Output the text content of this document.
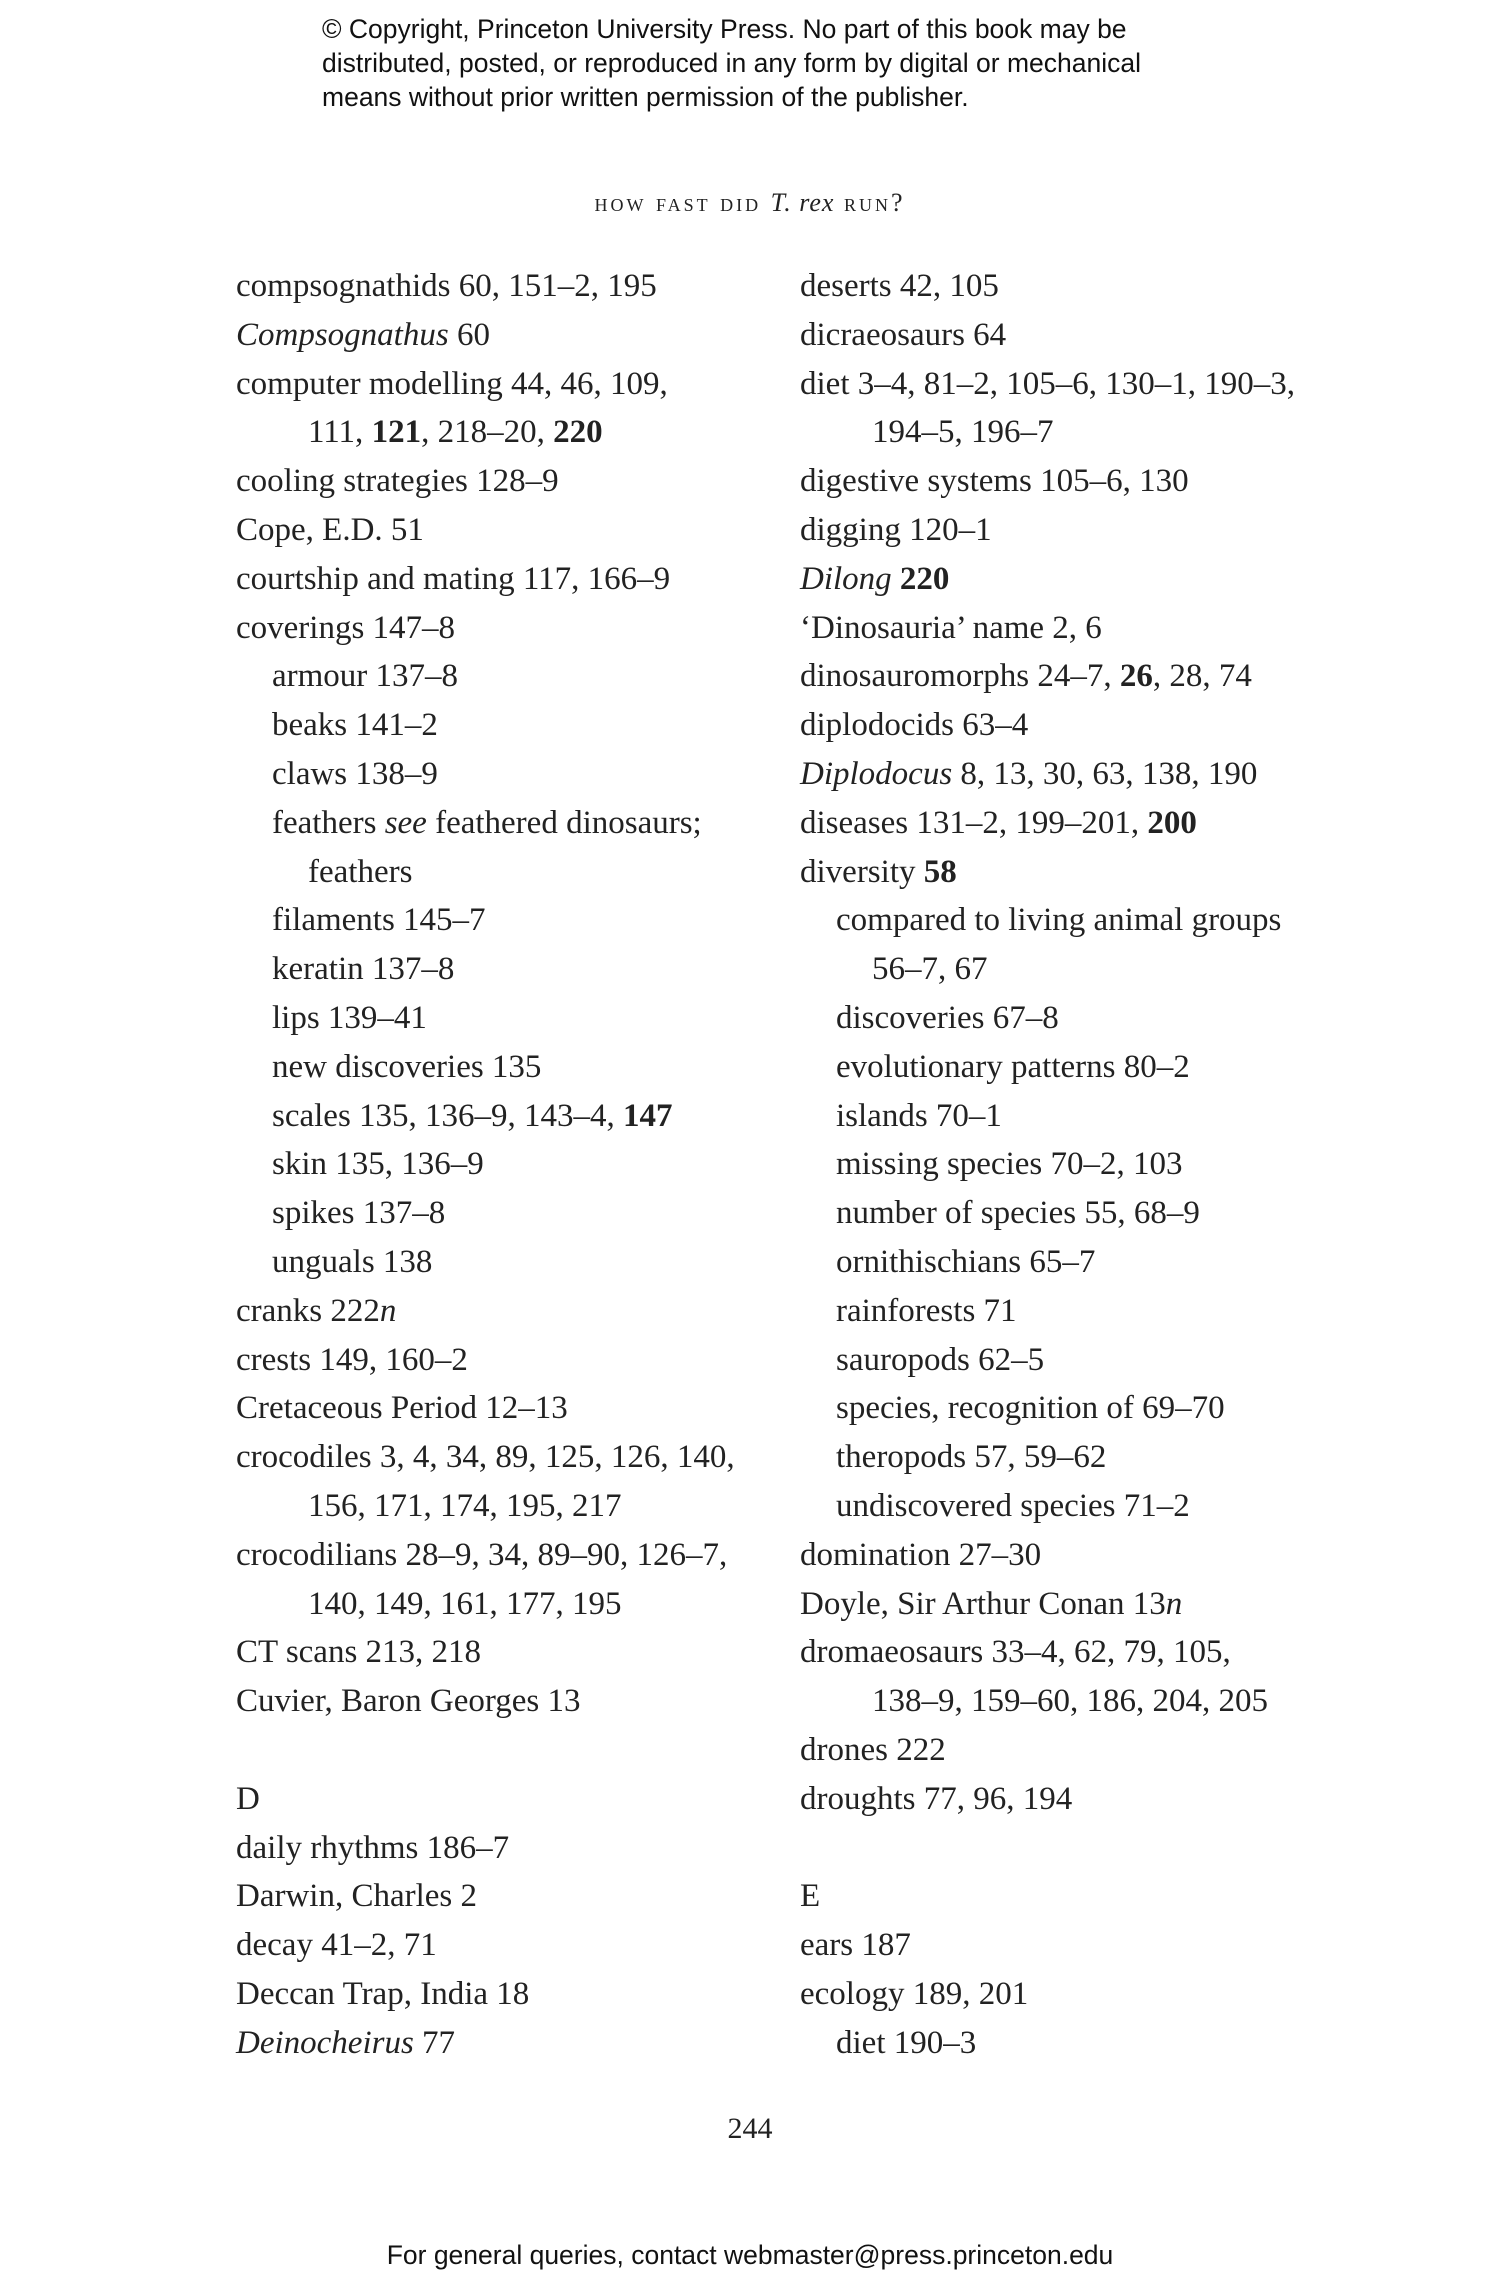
© Copyright, Princeton University Press. No part of this book may be
distributed, posted, or reproduced in any form by digital or mechanical
means without prior written permission of the publisher.
how fast did T. rex run?
compsognathids 60, 151–2, 195
Compsognathus 60
computer modelling 44, 46, 109,
111, 121, 218–20, 220
cooling strategies 128–9
Cope, E.D. 51
courtship and mating 117, 166–9
coverings 147–8
armour 137–8
beaks 141–2
claws 138–9
feathers see feathered dinosaurs;
feathers
filaments 145–7
keratin 137–8
lips 139–41
new discoveries 135
scales 135, 136–9, 143–4, 147
skin 135, 136–9
spikes 137–8
unguals 138
cranks 222n
crests 149, 160–2
Cretaceous Period 12–13
crocodiles 3, 4, 34, 89, 125, 126, 140,
156, 171, 174, 195, 217
crocodilians 28–9, 34, 89–90, 126–7,
140, 149, 161, 177, 195
CT scans 213, 218
Cuvier, Baron Georges 13
D
daily rhythms 186–7
Darwin, Charles 2
decay 41–2, 71
Deccan Trap, India 18
Deinocheirus 77
deserts 42, 105
dicraeosaurs 64
diet 3–4, 81–2, 105–6, 130–1, 190–3,
194–5, 196–7
digestive systems 105–6, 130
digging 120–1
Dilong 220
‘Dinosauria’ name 2, 6
dinosauromorphs 24–7, 26, 28, 74
diplodocids 63–4
Diplodocus 8, 13, 30, 63, 138, 190
diseases 131–2, 199–201, 200
diversity 58
compared to living animal groups
56–7, 67
discoveries 67–8
evolutionary patterns 80–2
islands 70–1
missing species 70–2, 103
number of species 55, 68–9
ornithischians 65–7
rainforests 71
sauropods 62–5
species, recognition of 69–70
theropods 57, 59–62
undiscovered species 71–2
domination 27–30
Doyle, Sir Arthur Conan 13n
dromaeosaurs 33–4, 62, 79, 105,
138–9, 159–60, 186, 204, 205
drones 222
droughts 77, 96, 194
E
ears 187
ecology 189, 201
diet 190–3
244
For general queries, contact webmaster@press.princeton.edu
